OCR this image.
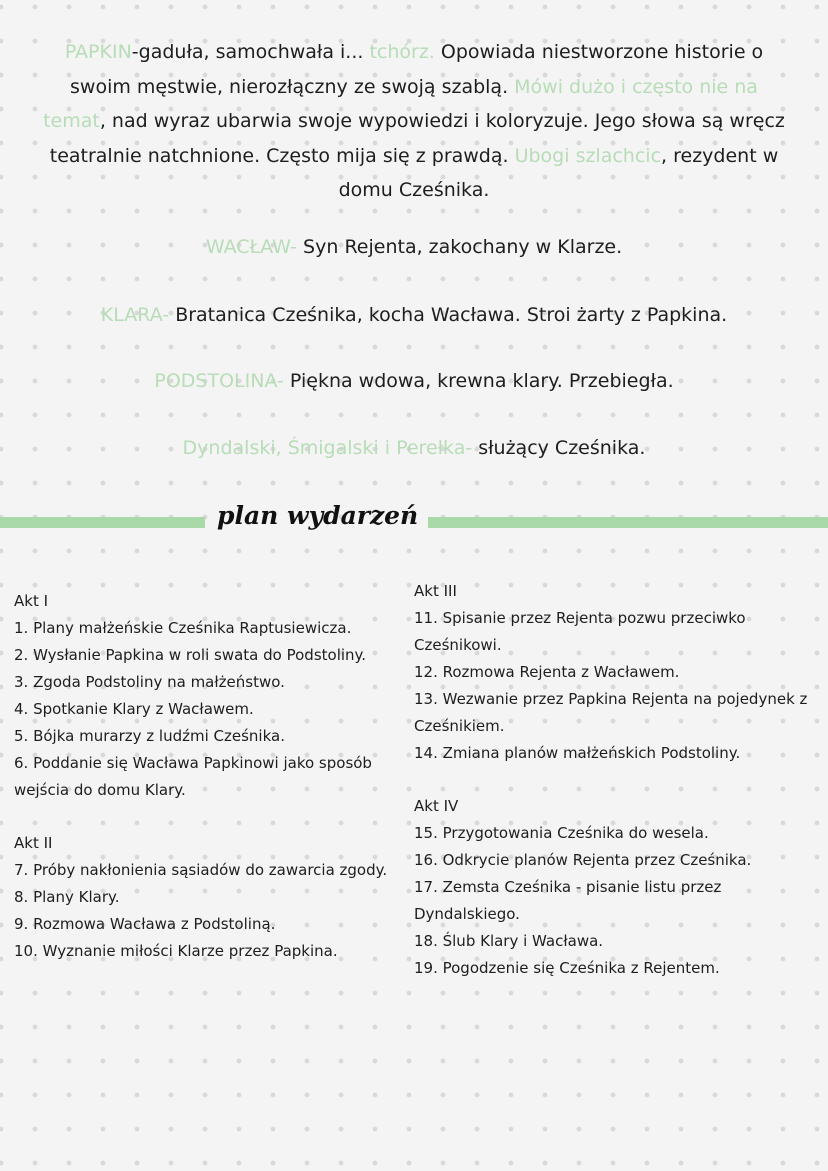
PAPKIN-gaduła, samochwała i... tchórz. Opowiada niestworzone historie o swoim męstwie, nierozłączny ze swoją szablą. Mówi dużo i często nie na temat, nad wyraz ubarwia swoje wypowiedzi i koloryzuje. Jego słowa są wręcz teatralnie natchnione. Często mija się z prawdą. Ubogi szlachcic, rezydent w domu Cześnika.

WACŁAW- Syn Rejenta, zakochany w Klarze.

KLARA- Bratanica Cześnika, kocha Wacława. Stroi żarty z Papkina.

PODSTOLINA- Piękna wdowa, krewna klary. Przebiegła.

Dyndalski, Śmigalski i Perełka- służący Cześnika.

plan wydarzeń
Akt I
1. Plany małżeńskie Cześnika Raptusiewicza.
2. Wysłanie Papkina w roli swata do Podstoliny.
3. Zgoda Podstoliny na małżeństwo.
4. Spotkanie Klary z Wacławem.
5. Bójka murarzy z ludźmi Cześnika.
6. Poddanie się Wacława Papkinowi jako sposób wejścia do domu Klary.
Akt II
7. Próby nakłonienia sąsiadów do zawarcia zgody.
8. Plany Klary.
9. Rozmowa Wacława z Podstoliną.
10. Wyznanie miłości Klarze przez Papkina.
Akt III
11. Spisanie przez Rejenta pozwu przeciwko Cześnikowi.
12. Rozmowa Rejenta z Wacławem.
13. Wezwanie przez Papkina Rejenta na pojedynek z Cześnikiem.
14. Zmiana planów małżeńskich Podstoliny.
Akt IV
15. Przygotowania Cześnika do wesela.
16. Odkrycie planów Rejenta przez Cześnika.
17. Zemsta Cześnika - pisanie listu przez Dyndalskiego.
18. Ślub Klary i Wacława.
19. Pogodzenie się Cześnika z Rejentem.
